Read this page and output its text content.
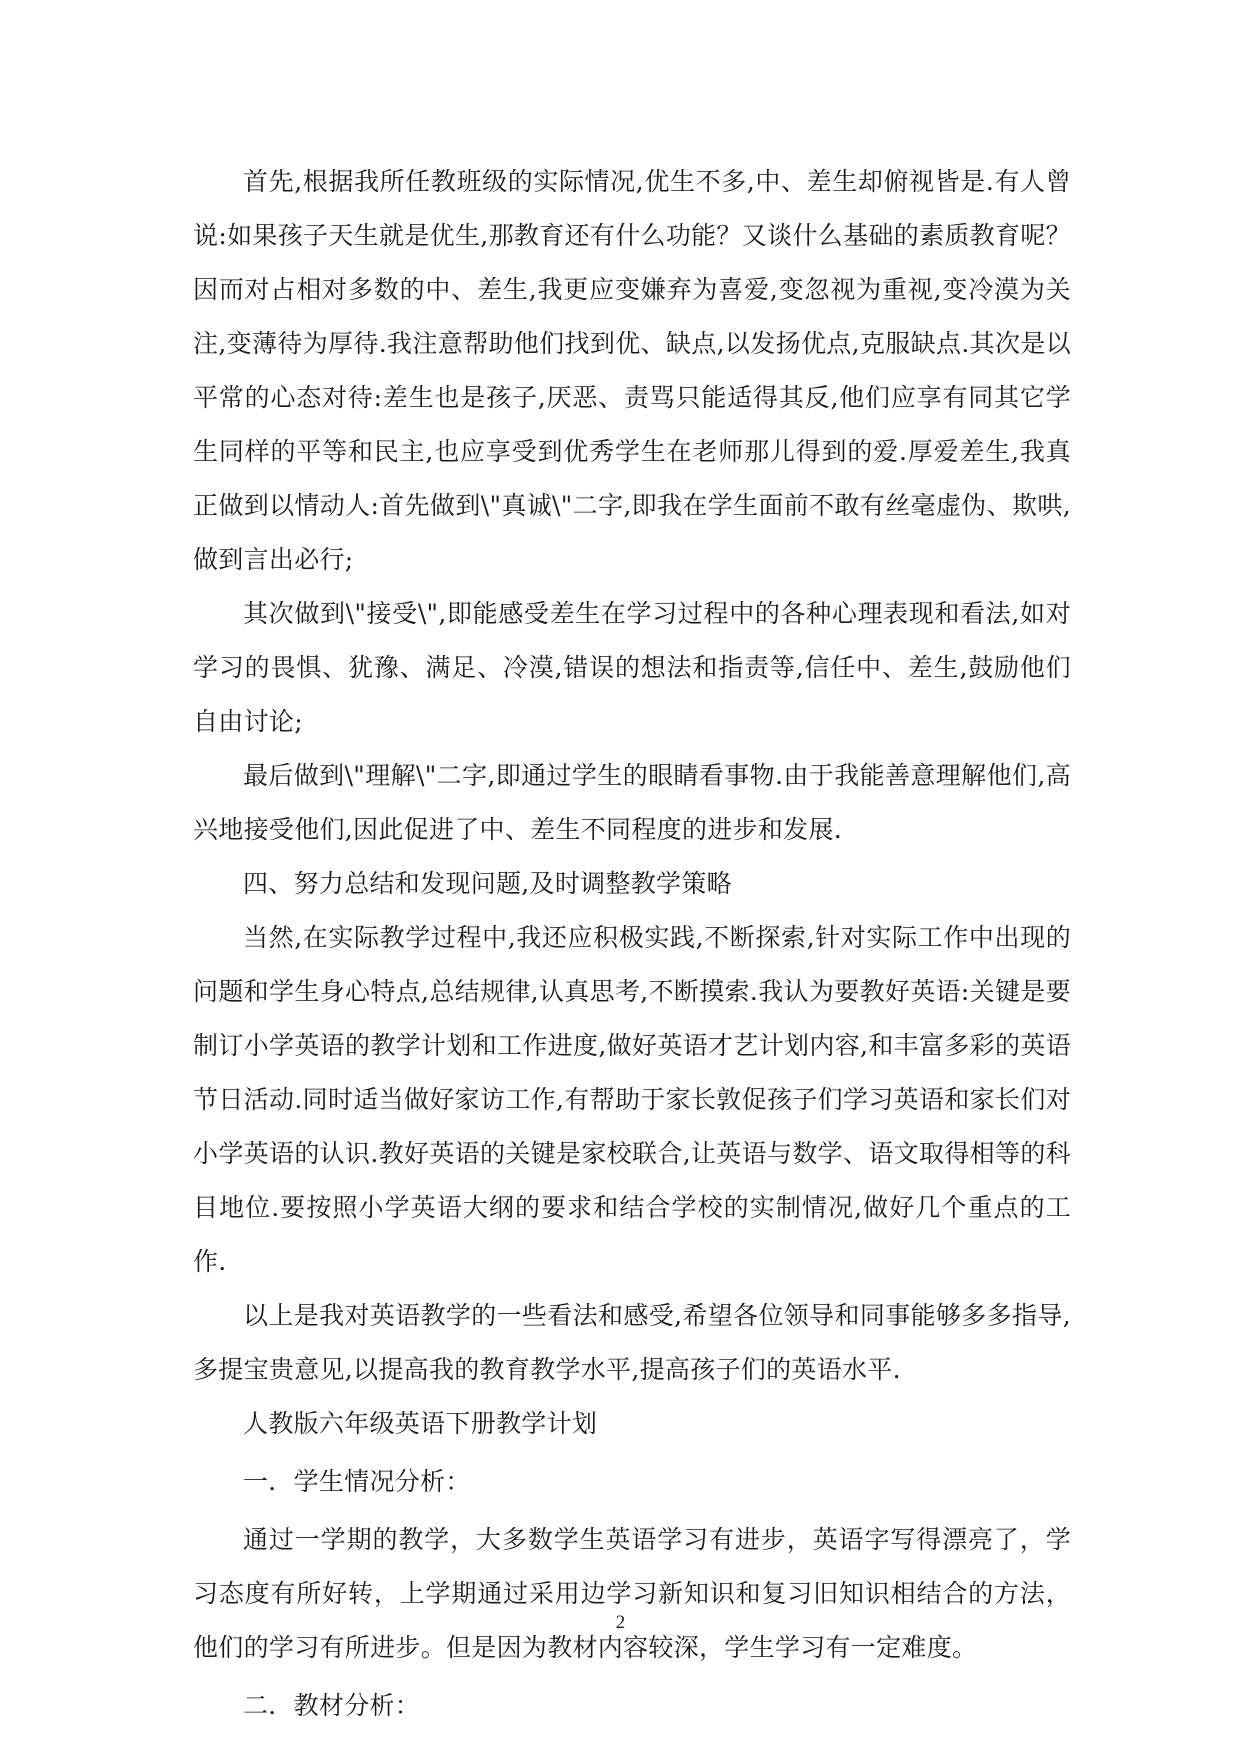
首先,根据我所任教班级的实际情况,优生不多,中、差生却俯视皆是.有人曾说:如果孩子天生就是优生,那教育还有什么功能？又谈什么基础的素质教育呢？因而对占相对多数的中、差生,我更应变嫌弃为喜爱,变忽视为重视,变冷漠为关注,变薄待为厚待.我注意帮助他们找到优、缺点,以发扬优点,克服缺点.其次是以平常的心态对待:差生也是孩子,厌恶、责骂只能适得其反,他们应享有同其它学生同样的平等和民主,也应享受到优秀学生在老师那儿得到的爱.厚爱差生,我真正做到以情动人:首先做到\"真诚\"二字,即我在学生面前不敢有丝毫虚伪、欺哄,做到言出必行;

其次做到\"接受\",即能感受差生在学习过程中的各种心理表现和看法,如对学习的畏惧、犹豫、满足、冷漠,错误的想法和指责等,信任中、差生,鼓励他们自由讨论;

最后做到\"理解\"二字,即通过学生的眼睛看事物.由于我能善意理解他们,高兴地接受他们,因此促进了中、差生不同程度的进步和发展.

四、努力总结和发现问题,及时调整教学策略

当然,在实际教学过程中,我还应积极实践,不断探索,针对实际工作中出现的问题和学生身心特点,总结规律,认真思考,不断摸索.我认为要教好英语:关键是要制订小学英语的教学计划和工作进度,做好英语才艺计划内容,和丰富多彩的英语节日活动.同时适当做好家访工作,有帮助于家长敦促孩子们学习英语和家长们对小学英语的认识.教好英语的关键是家校联合,让英语与数学、语文取得相等的科目地位.要按照小学英语大纲的要求和结合学校的实制情况,做好几个重点的工作.

以上是我对英语教学的一些看法和感受,希望各位领导和同事能够多多指导,多提宝贵意见,以提高我的教育教学水平,提高孩子们的英语水平.

人教版六年级英语下册教学计划

一．学生情况分析：

通过一学期的教学，大多数学生英语学习有进步，英语字写得漂亮了，学习态度有所好转，上学期通过采用边学习新知识和复习旧知识相结合的方法，他们的学习有所进步。但是因为教材内容较深，学生学习有一定难度。

二．教材分析：

2
